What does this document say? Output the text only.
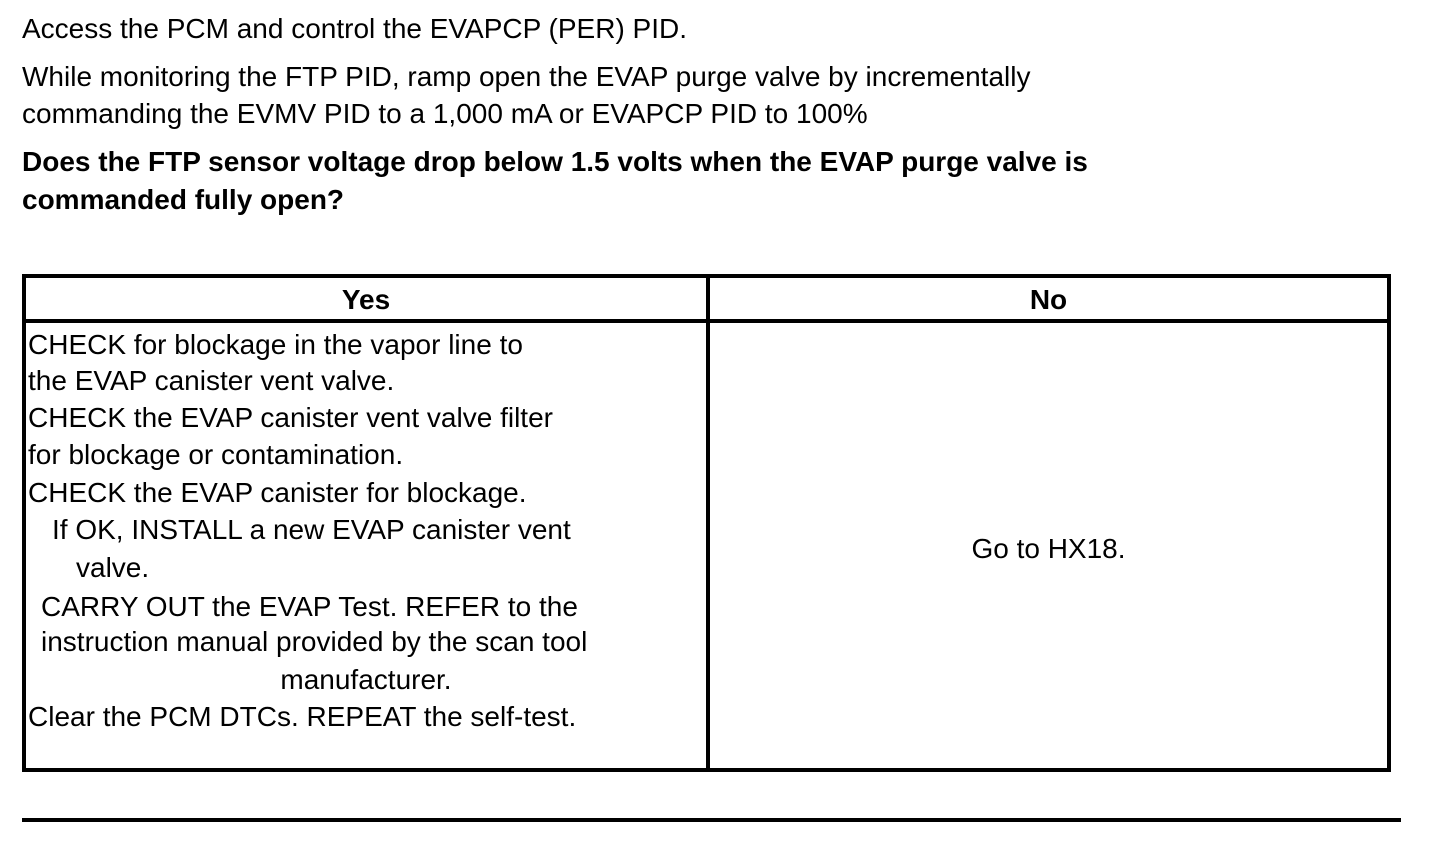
Access the PCM and control the EVAPCP (PER) PID.
While monitoring the FTP PID, ramp open the EVAP purge valve by incrementally
commanding the EVMV PID to a 1,000 mA or EVAPCP PID to 100%
Does the FTP sensor voltage drop below 1.5 volts when the EVAP purge valve is
commanded fully open?
Yes	No
CHECK for blockage in the vapor line to
the EVAP canister vent valve.
CHECK the EVAP canister vent valve filter
for blockage or contamination.
CHECK the EVAP canister for blockage.
If OK, INSTALL a new EVAP canister vent
valve.
CARRY OUT the EVAP Test. REFER to the
instruction manual provided by the scan tool
manufacturer.
Clear the PCM DTCs. REPEAT the self-test.
Go to HX18.
